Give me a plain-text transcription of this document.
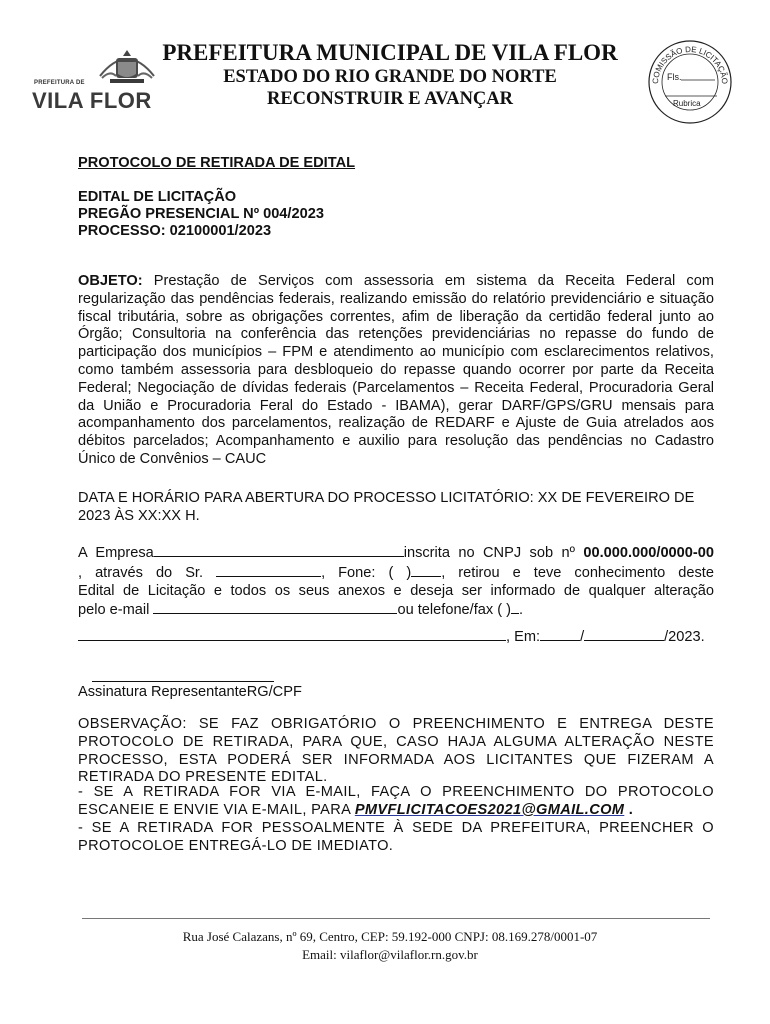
PREFEITURA DE
VILA FLOR
PREFEITURA MUNICIPAL DE VILA FLOR
ESTADO DO RIO GRANDE DO NORTE
RECONSTRUIR E AVANÇAR
COMISSÃO DE LICITAÇÃO
Fls.
Rubrica
PROTOCOLO DE RETIRADA DE EDITAL
EDITAL DE LICITAÇÃO
PREGÃO PRESENCIAL Nº 004/2023
PROCESSO: 02100001/2023
OBJETO: Prestação de Serviços com assessoria em sistema da Receita Federal com regularização das pendências federais, realizando emissão do relatório previdenciário e situação fiscal tributária, sobre as obrigações correntes, afim de liberação da certidão federal junto ao Órgão; Consultoria na conferência das retenções previdenciárias no repasse do fundo de participação dos municípios – FPM e atendimento ao município com esclarecimentos relativos, como também assessoria para desbloqueio do repasse quando ocorrer por parte da Receita Federal; Negociação de dívidas federais (Parcelamentos – Receita Federal, Procuradoria Geral da União e Procuradoria Feral do Estado - IBAMA), gerar DARF/GPS/GRU mensais para acompanhamento dos parcelamentos, realização de REDARF e Ajuste de Guia atrelados aos débitos parcelados; Acompanhamento e auxilio para resolução das pendências no Cadastro Único de Convênios – CAUC
DATA E HORÁRIO PARA ABERTURA DO PROCESSO LICITATÓRIO: XX DE FEVEREIRO DE 2023 ÀS XX:XX H.
A Empresa	inscrita no CNPJ sob nº 00.000.000/0000-00
, através do Sr.	, Fone: ( ) , retirou e teve conhecimento deste
Edital de Licitação e todos os seus anexos e deseja ser informado de qualquer alteração
pelo e-mail	ou telefone/fax ( ) .
, Em:	/	/2023.
Assinatura RepresentanteRG/CPF
OBSERVAÇÃO: SE FAZ OBRIGATÓRIO O PREENCHIMENTO E ENTREGA DESTE PROTOCOLO DE RETIRADA, PARA QUE, CASO HAJA ALGUMA ALTERAÇÃO NESTE PROCESSO, ESTA PODERÁ SER INFORMADA AOS LICITANTES QUE FIZERAM A RETIRADA DO PRESENTE EDITAL.
- SE A RETIRADA FOR VIA E-MAIL, FAÇA O PREENCHIMENTO DO PROTOCOLO ESCANEIE E ENVIE VIA E-MAIL, PARA PMVFLICITACOES2021@GMAIL.COM .
- SE A RETIRADA FOR PESSOALMENTE À SEDE DA PREFEITURA, PREENCHER O PROTOCOLOE ENTREGÁ-LO DE IMEDIATO.
Rua José Calazans, nº 69, Centro, CEP: 59.192-000 CNPJ: 08.169.278/0001-07
Email: vilaflor@vilaflor.rn.gov.br
